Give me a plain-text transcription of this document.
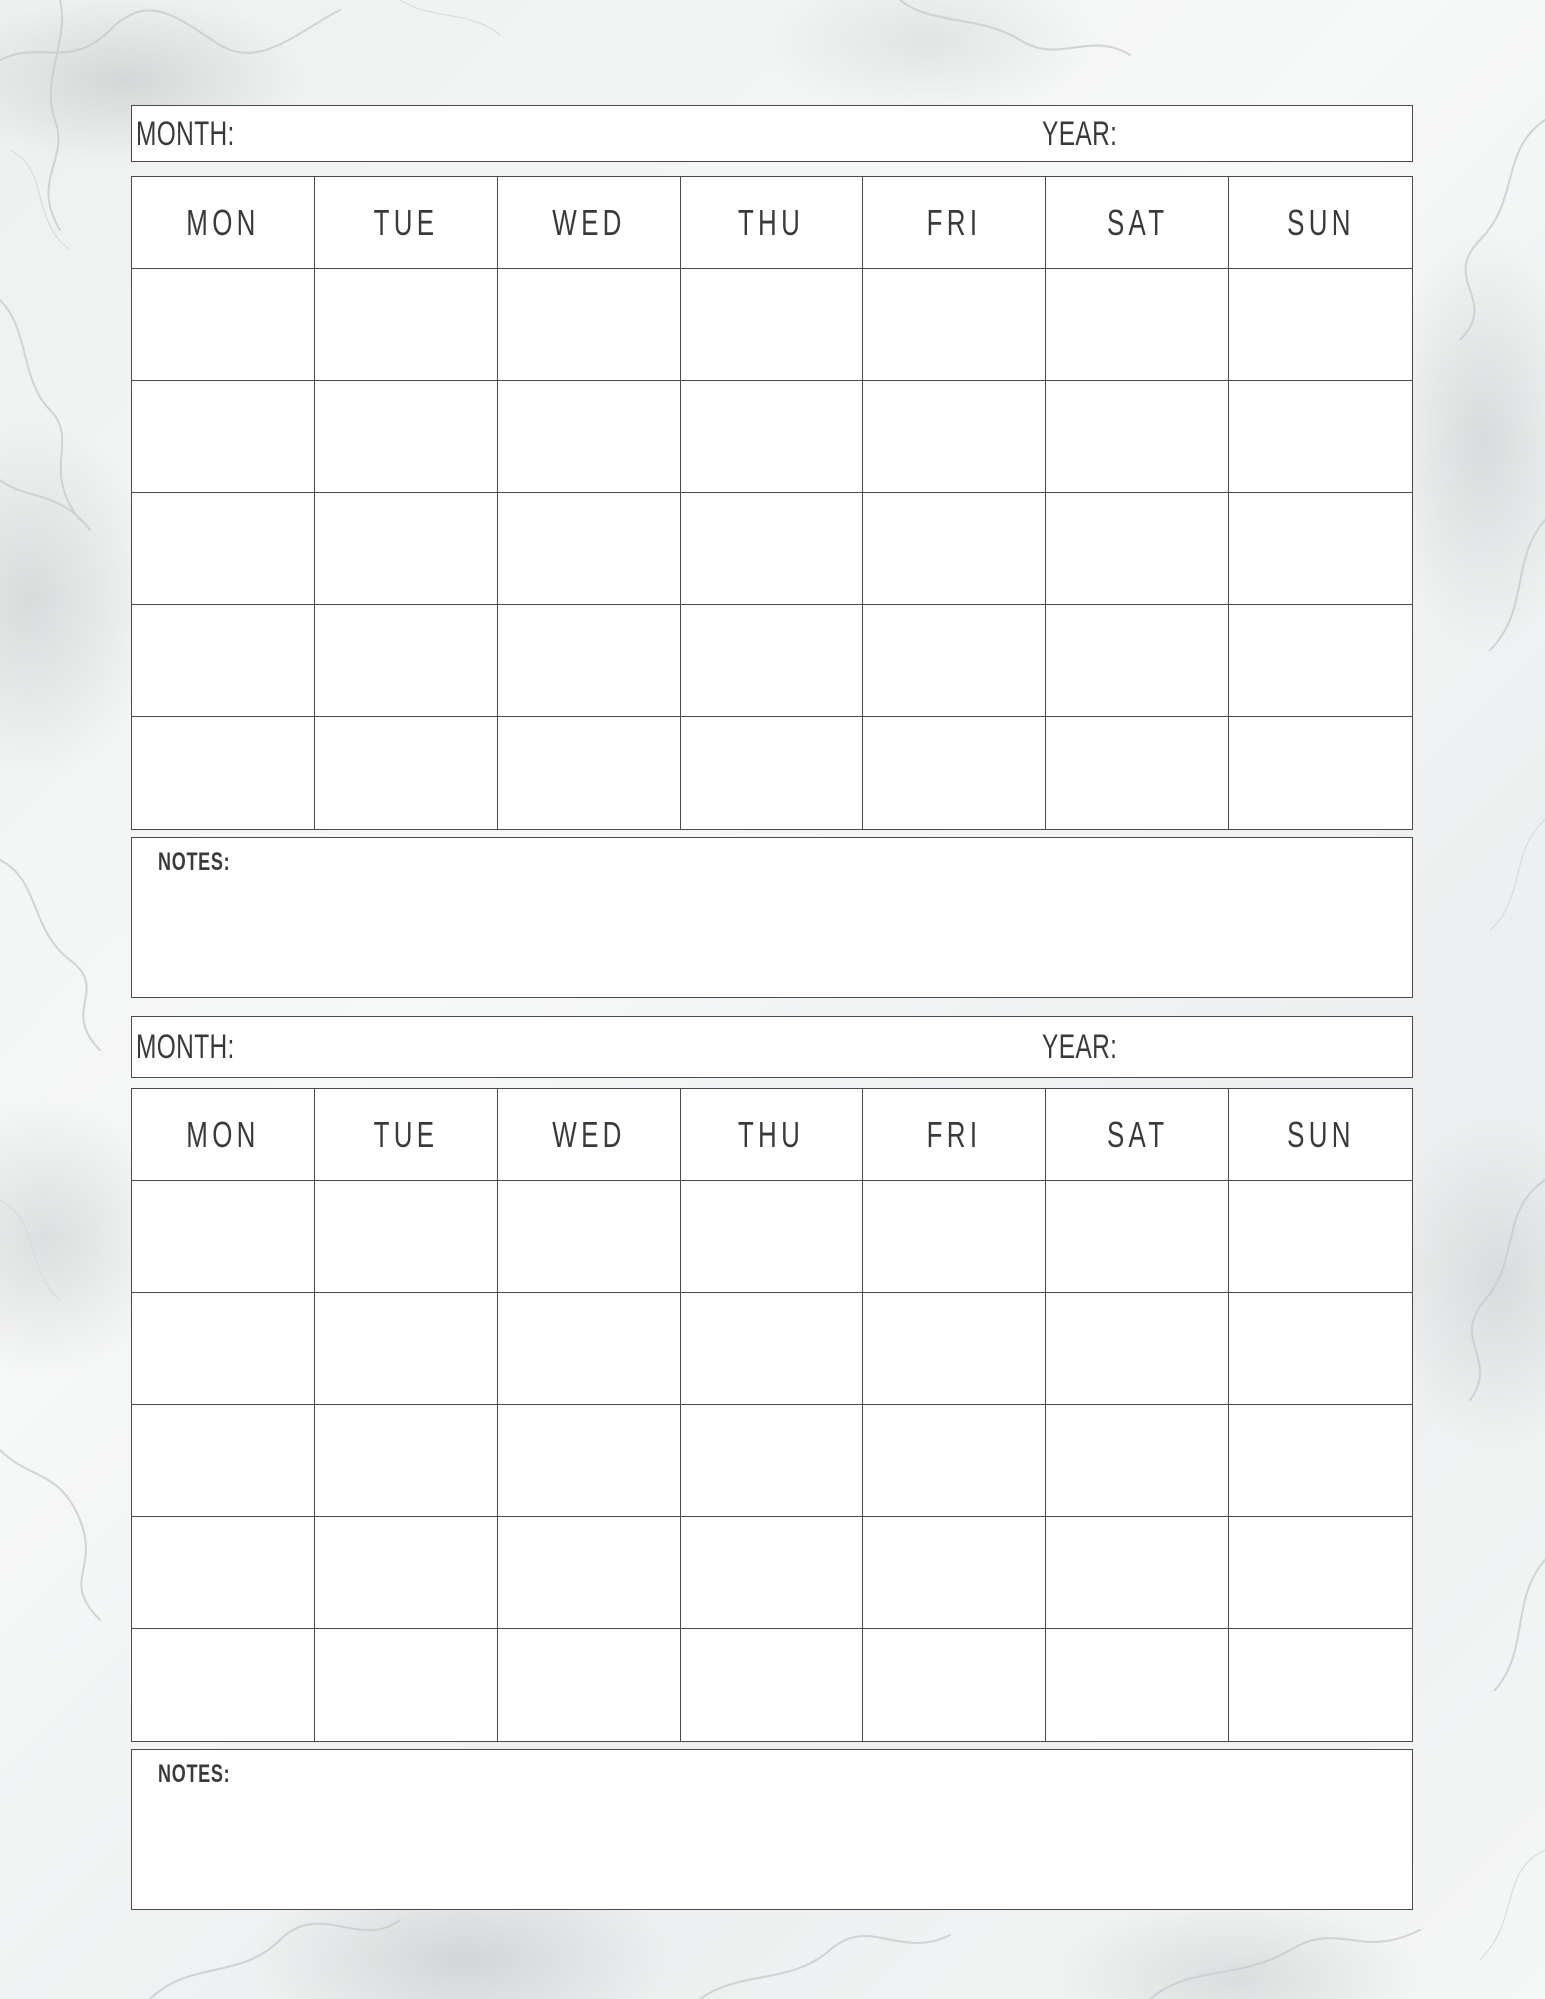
MONTH:	YEAR:
MON	TUE	WED	THU	FRI	SAT	SUN
NOTES:
MONTH:	YEAR:
MON	TUE	WED	THU	FRI	SAT	SUN
NOTES:
